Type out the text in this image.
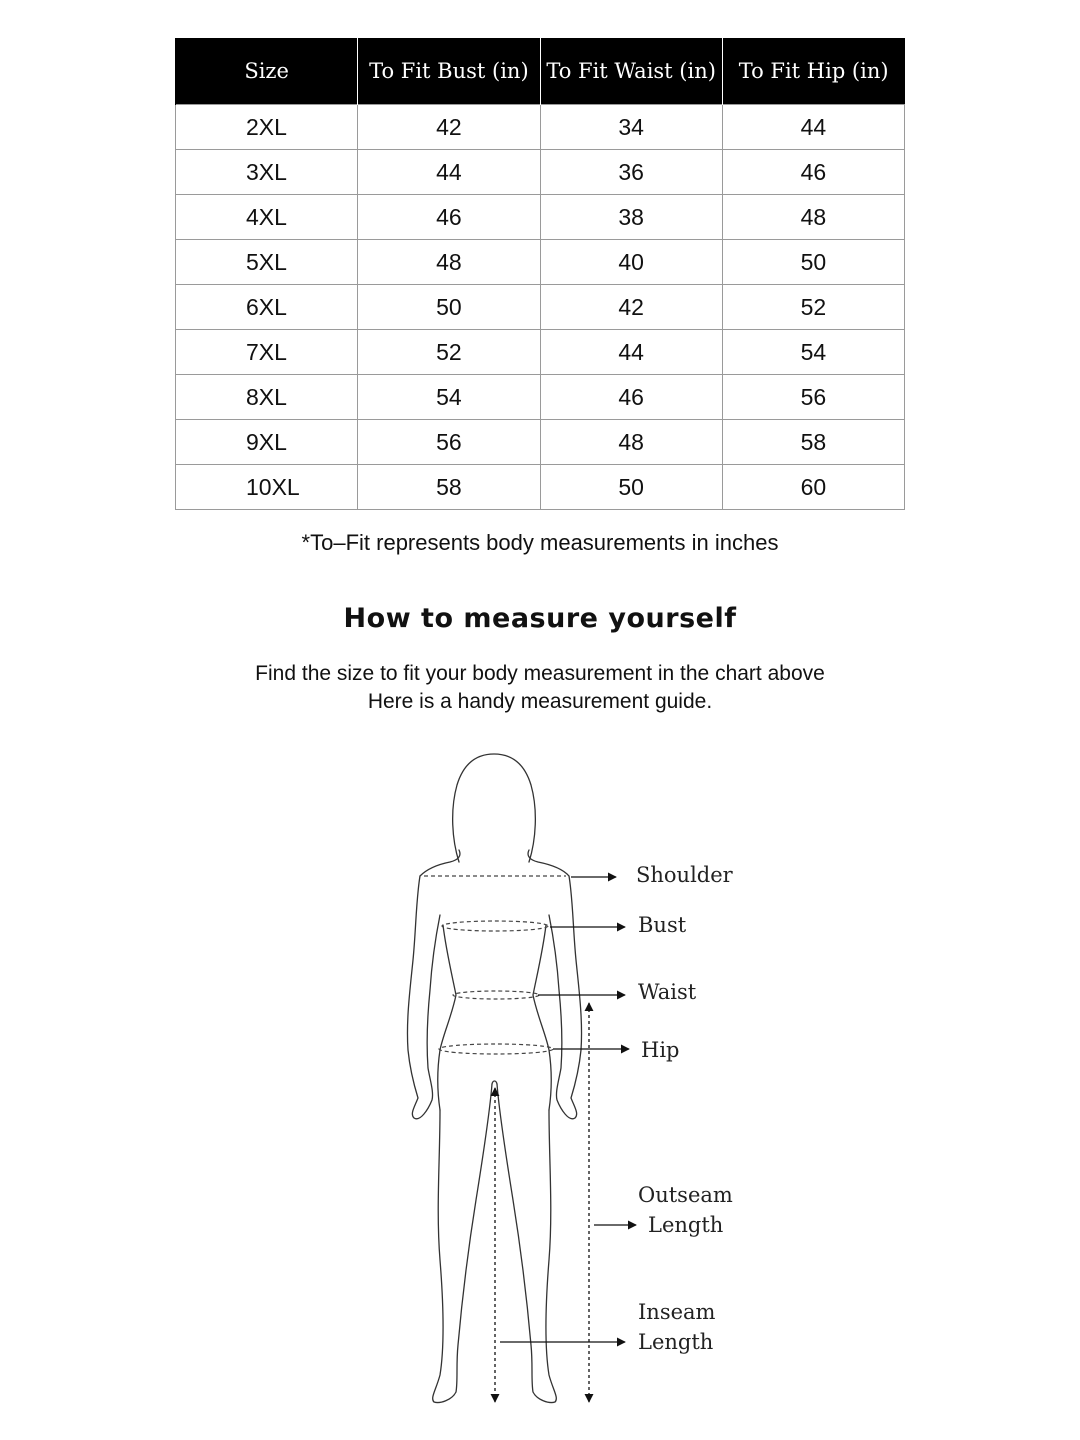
Size	To Fit Bust (in)	To Fit Waist (in)	To Fit Hip (in)
2XL	42	34	44
3XL	44	36	46
4XL	46	38	48
5XL	48	40	50
6XL	50	42	52
7XL	52	44	54
8XL	54	46	56
9XL	56	48	58
10XL	58	50	60
*To–Fit represents body measurements in inches
How to measure yourself
Find the size to fit your body measurement in the chart above
Here is a handy measurement guide.
Shoulder
Bust
Waist
Hip
Outseam
Length
Inseam
Length
